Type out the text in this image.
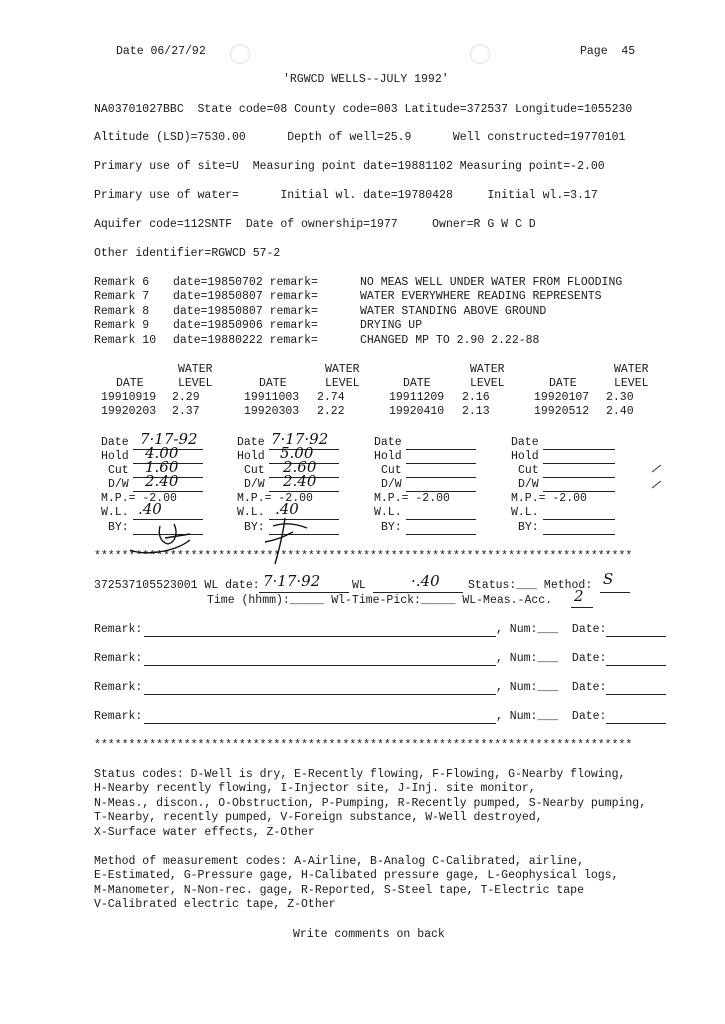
Date 06/27/92	Page  45
'RGWCD WELLS--JULY 1992'
NA03701027BBC  State code=08 County code=003 Latitude=372537 Longitude=1055230
Altitude (LSD)=7530.00      Depth of well=25.9      Well constructed=19770101
Primary use of site=U  Measuring point date=19881102 Measuring point=-2.00
Primary use of water=      Initial wl. date=19780428     Initial wl.=3.17
Aquifer code=112SNTF  Date of ownership=1977     Owner=R G W C D
Other identifier=RGWCD 57-2
Remark 6 date=19850702 remark=	NO MEAS WELL UNDER WATER FROM FLOODING
Remark 7 date=19850807 remark=	WATER EVERYWHERE READING REPRESENTS
Remark 8 date=19850807 remark=	WATER STANDING ABOVE GROUND
Remark 9 date=19850906 remark=	DRYING UP
Remark 10 date=19880222 remark=	CHANGED MP TO 2.90 2.22-88
WATER	WATER	WATER	WATER
DATE	LEVEL	DATE	LEVEL	DATE	LEVEL	DATE	LEVEL
19910919 2.29	19911003 2.74	19911209 2.16	19920107 2.30
19920203 2.37	19920303 2.22	19920410 2.13	19920512 2.40
Date 7·17-92
Hold 4.00
Cut 1.60
D/W 2.40
M.P.= -2.00
W.L. .40
BY:
Date 7·17·92
Hold 5.00
Cut 2.60
D/W 2.40
M.P.= -2.00
W.L. .40
BY:
Date
Hold
Cut
D/W
M.P.= -2.00
W.L.
BY:
Date
Hold
Cut
D/W
M.P.= -2.00
W.L.
BY:
******************************************************************************
372537105523001 WL date: 7·17·92	WL	·.40 Status:___ Method: S
Time (hhmm):_____ Wl-Time-Pick:_____ WL-Meas.-Acc. 2
Remark:	, Num:___  Date:
Remark:	, Num:___  Date:
Remark:	, Num:___  Date:
Remark:	, Num:___  Date:
******************************************************************************
Status codes: D-Well is dry, E-Recently flowing, F-Flowing, G-Nearby flowing,
H-Nearby recently flowing, I-Injector site, J-Inj. site monitor,
N-Meas., discon., O-Obstruction, P-Pumping, R-Recently pumped, S-Nearby pumping,
T-Nearby, recently pumped, V-Foreign substance, W-Well destroyed,
X-Surface water effects, Z-Other
Method of measurement codes: A-Airline, B-Analog C-Calibrated, airline,
E-Estimated, G-Pressure gage, H-Calibated pressure gage, L-Geophysical logs,
M-Manometer, N-Non-rec. gage, R-Reported, S-Steel tape, T-Electric tape
V-Calibrated electric tape, Z-Other
Write comments on back
